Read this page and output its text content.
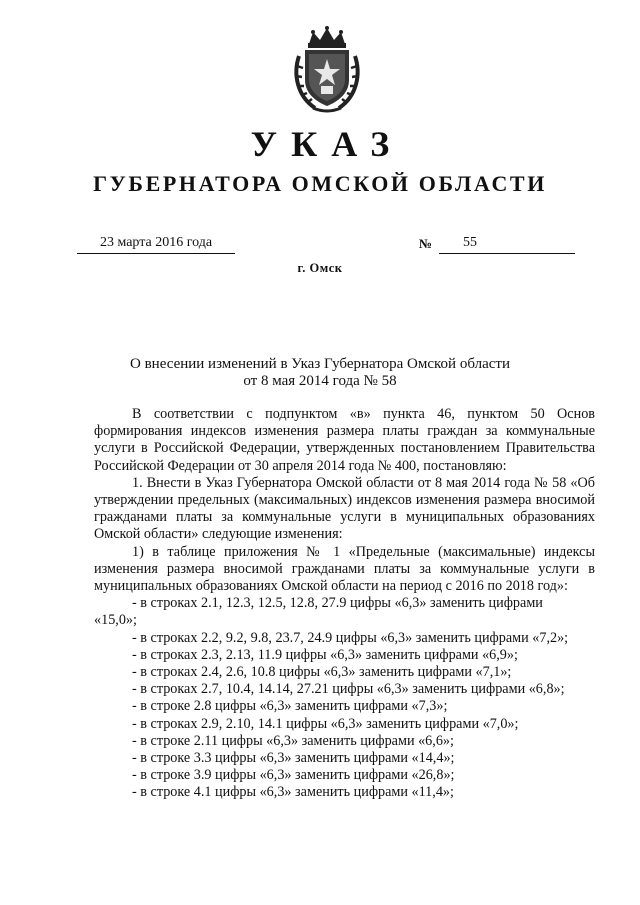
УКАЗ
ГУБЕРНАТОРА ОМСКОЙ ОБЛАСТИ
23 марта 2016 года	№	55
г. Омск
О внесении изменений в Указ Губернатора Омской области
от 8 мая 2014 года № 58

В соответствии с подпунктом «в» пункта 46, пунктом 50 Основ формирования индексов изменения размера платы граждан за коммунальные услуги в Российской Федерации, утвержденных постановлением Правительства Российской Федерации от 30 апреля 2014 года № 400, постановляю:

1. Внести в Указ Губернатора Омской области от 8 мая 2014 года № 58 «Об утверждении предельных (максимальных) индексов изменения размера вносимой гражданами платы за коммунальные услуги в муниципальных образованиях Омской области» следующие изменения:

1) в таблице приложения № 1 «Предельные (максимальные) индексы изменения размера вносимой гражданами платы за коммунальные услуги в муниципальных образованиях Омской области на период с 2016 по 2018 год»:

- в строках 2.1, 12.3, 12.5, 12.8, 27.9 цифры «6,3» заменить цифрами
«15,0»;

- в строках 2.2, 9.2, 9.8, 23.7, 24.9 цифры «6,3» заменить цифрами «7,2»;

- в строках 2.3, 2.13, 11.9 цифры «6,3» заменить цифрами «6,9»;

- в строках 2.4, 2.6, 10.8 цифры «6,3» заменить цифрами «7,1»;

- в строках 2.7, 10.4, 14.14, 27.21 цифры «6,3» заменить цифрами «6,8»;

- в строке 2.8 цифры «6,3» заменить цифрами «7,3»;

- в строках 2.9, 2.10, 14.1 цифры «6,3» заменить цифрами «7,0»;

- в строке 2.11 цифры «6,3» заменить цифрами «6,6»;

- в строке 3.3 цифры «6,3» заменить цифрами «14,4»;

- в строке 3.9 цифры «6,3» заменить цифрами «26,8»;

- в строке 4.1 цифры «6,3» заменить цифрами «11,4»;
